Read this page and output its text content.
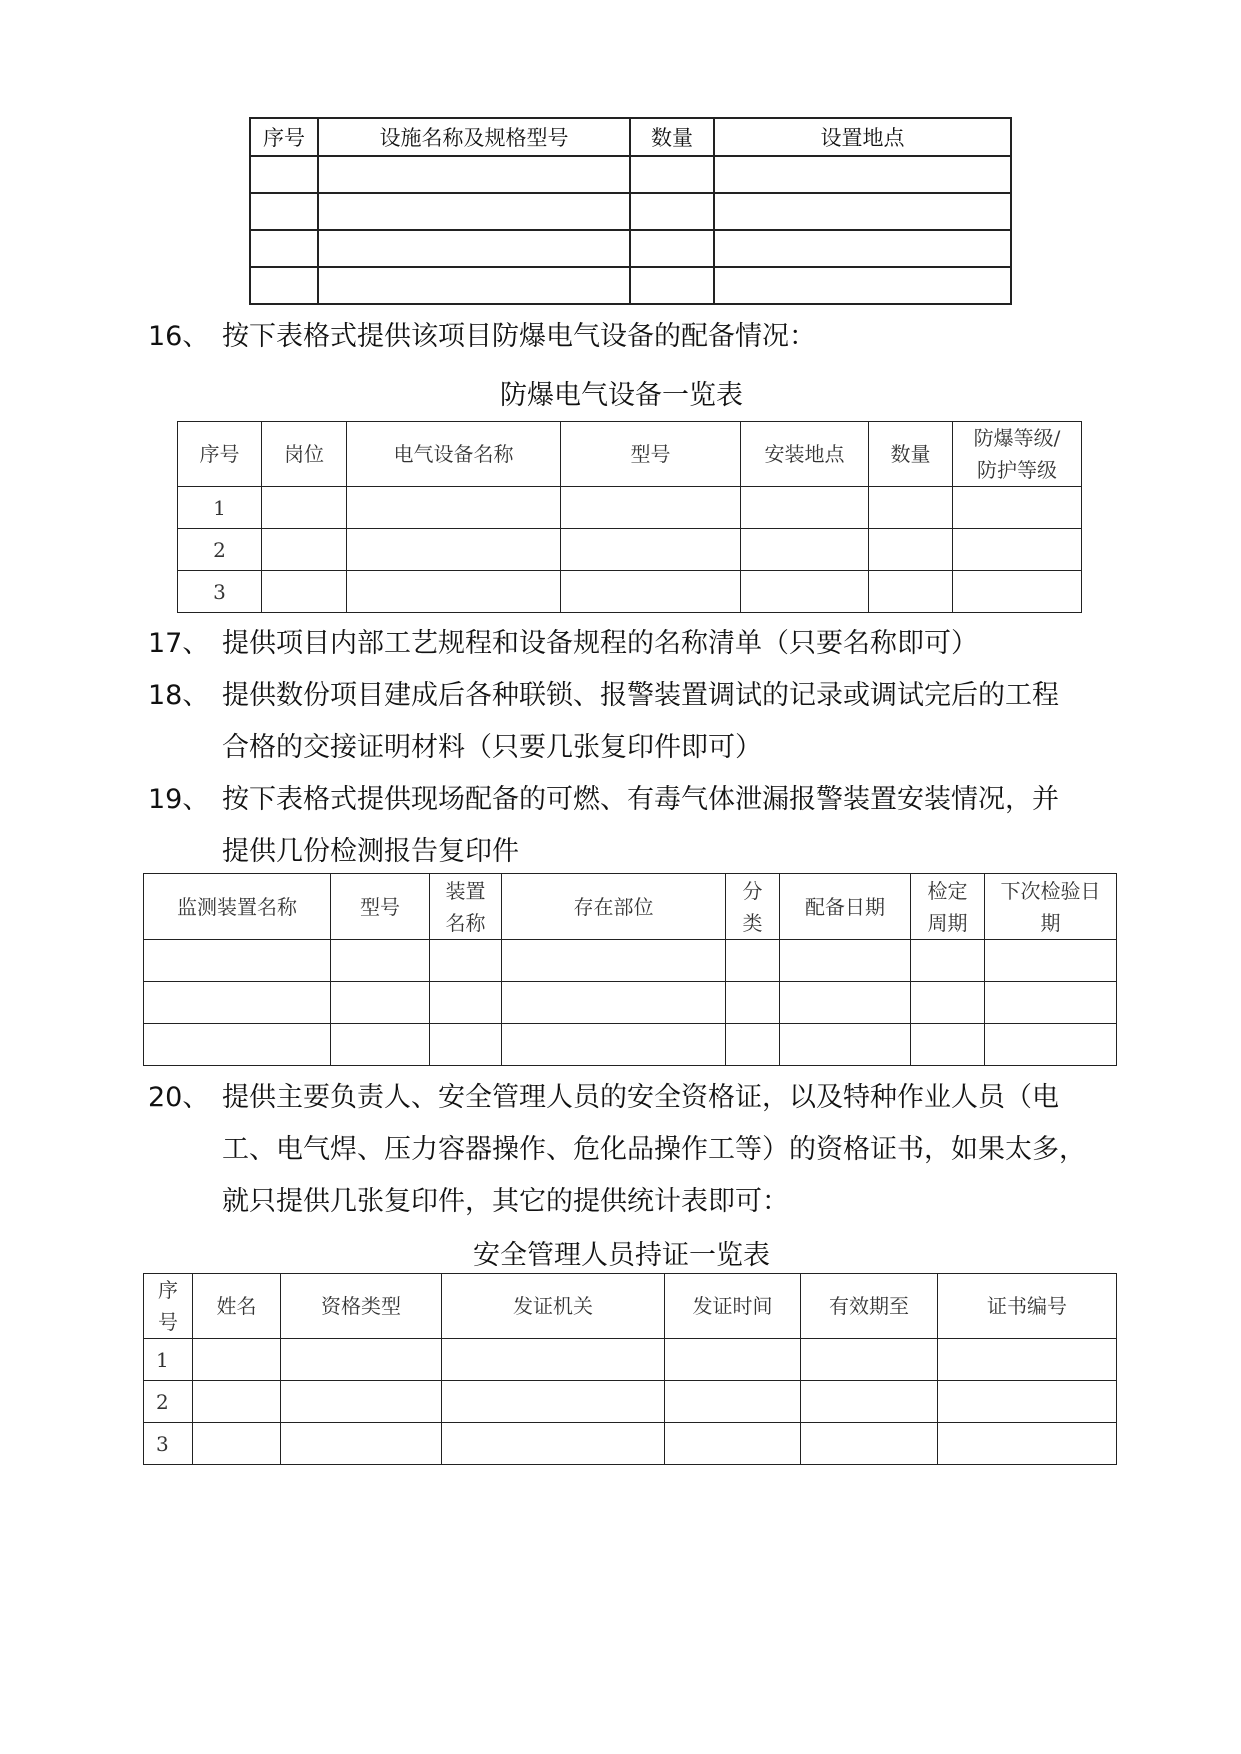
序号	设施名称及规格型号	数量	设置地点

16、 按下表格式提供该项目防爆电气设备的配备情况：
防爆电气设备一览表
序号	岗位	电气设备名称	型号	安装地点	数量	防爆等级/防护等级
1						
2						
3						
17、 提供项目内部工艺规程和设备规程的名称清单（只要名称即可）
18、 提供数份项目建成后各种联锁、报警装置调试的记录或调试完后的工程
合格的交接证明材料（只要几张复印件即可）
19、 按下表格式提供现场配备的可燃、有毒气体泄漏报警装置安装情况，并
提供几份检测报告复印件
监测装置名称	型号	装置名称	存在部位	分类	配备日期	检定周期	下次检验日期

20、 提供主要负责人、安全管理人员的安全资格证，以及特种作业人员（电
工、电气焊、压力容器操作、危化品操作工等）的资格证书，如果太多，
就只提供几张复印件，其它的提供统计表即可：
安全管理人员持证一览表
序号	姓名	资格类型	发证机关	发证时间	有效期至	证书编号
1						
2						
3						
